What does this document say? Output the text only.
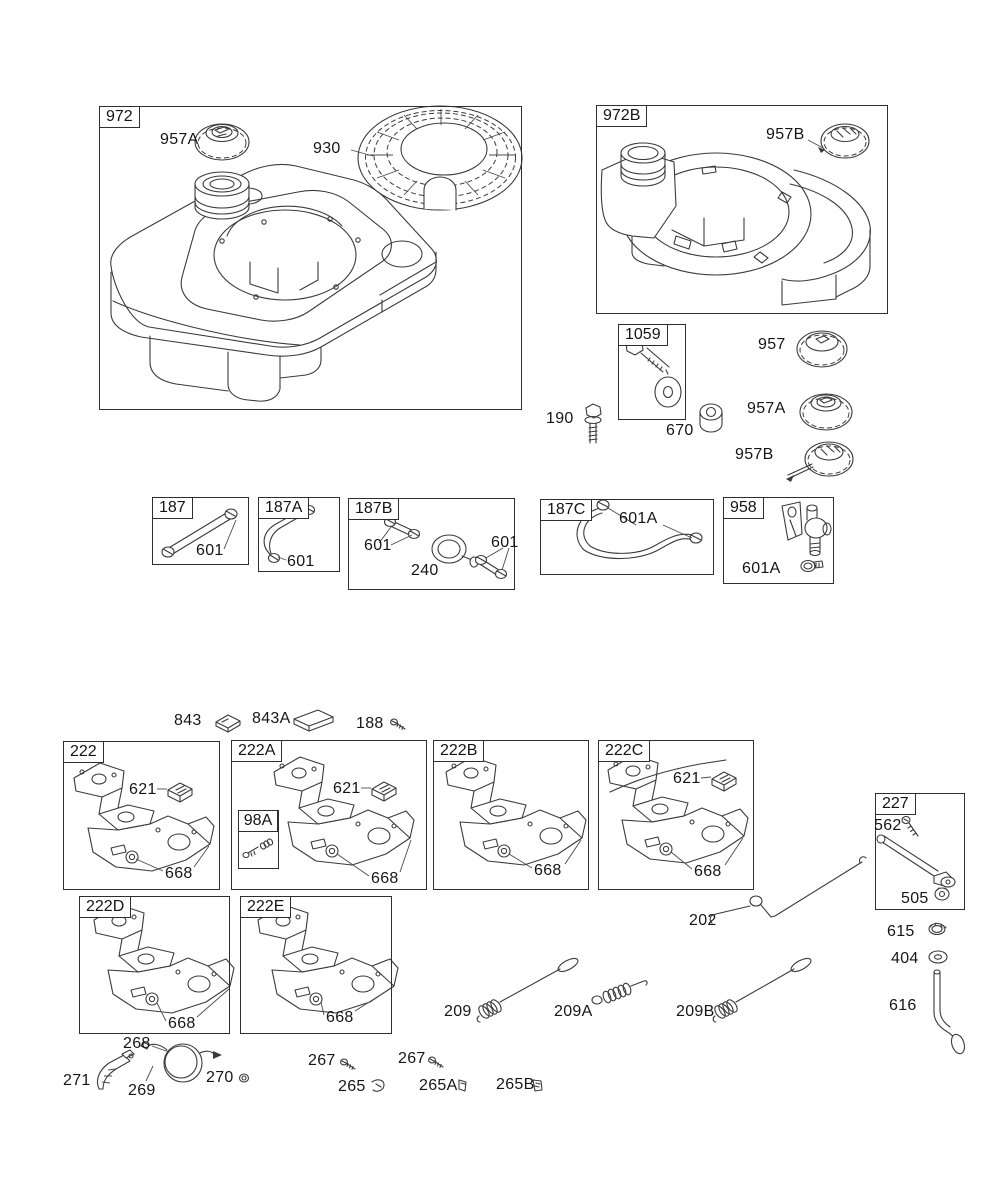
972	972B
1059
187	187A	187B	187C	958
222	222A
98A
222B	222C
222D	222E
227
957A
930
957B
190
670
957
957A
957B
601
601
601	601
240
601A
601A
843	843A	188
621
668
621
668	668
621
668
562
505
615
404
616
202
209	209A	209B
668	668
268
271
269
270
267	267
265	265A 265B
